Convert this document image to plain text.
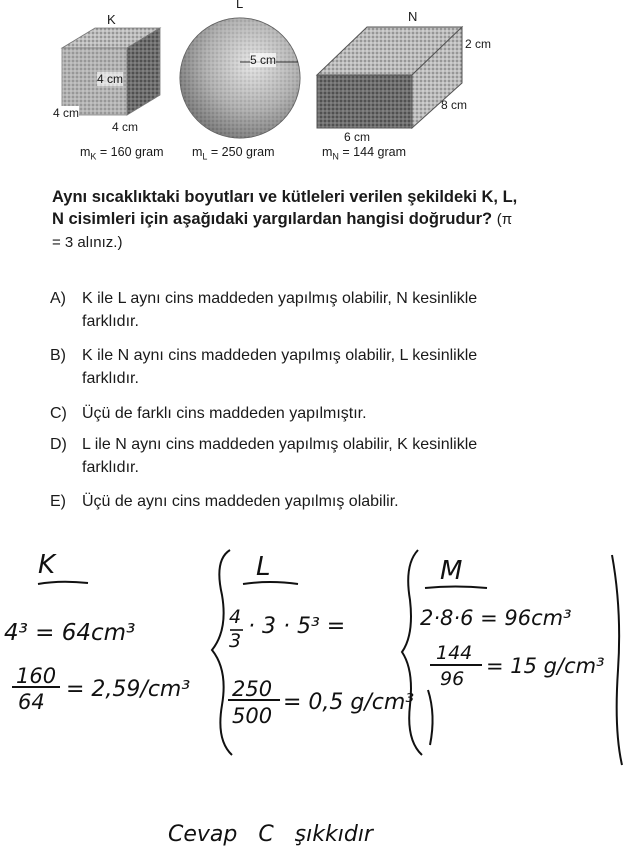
K
L
N
4 cm
4 cm
4 cm
$m_K = 160$ gram
5 cm
$m_L = 250$ gram
2 cm
8 cm
6 cm
$m_N = 144$ gram
Aynı sıcaklıktaki boyutları ve kütleleri verilen şekildeki K, L, N cisimleri için aşağıdaki yargılardan hangisi doğrudur? (π = 3 alınız.)
A)	K ile L aynı cins maddeden yapılmış olabilir, N kesinlikle farklıdır.
B)	K ile N aynı cins maddeden yapılmış olabilir, L kesinlikle farklıdır.
C) Üçü de farklı cins maddeden yapılmıştır.
D) L ile N aynı cins maddeden yapılmış olabilir, K kesinlikle farklıdır.
E)	Üçü de aynı cins maddeden yapılmış olabilir.
K
4³ = 64cm³
160
64 = 2,59/cm³
L
4
3
· 3 · 5³ =
250
500
= 0,5 g/cm³
M
2·8·6 = 96cm³
144
96
= 15 g/cm³
Cevap   C   şıkkıdır
